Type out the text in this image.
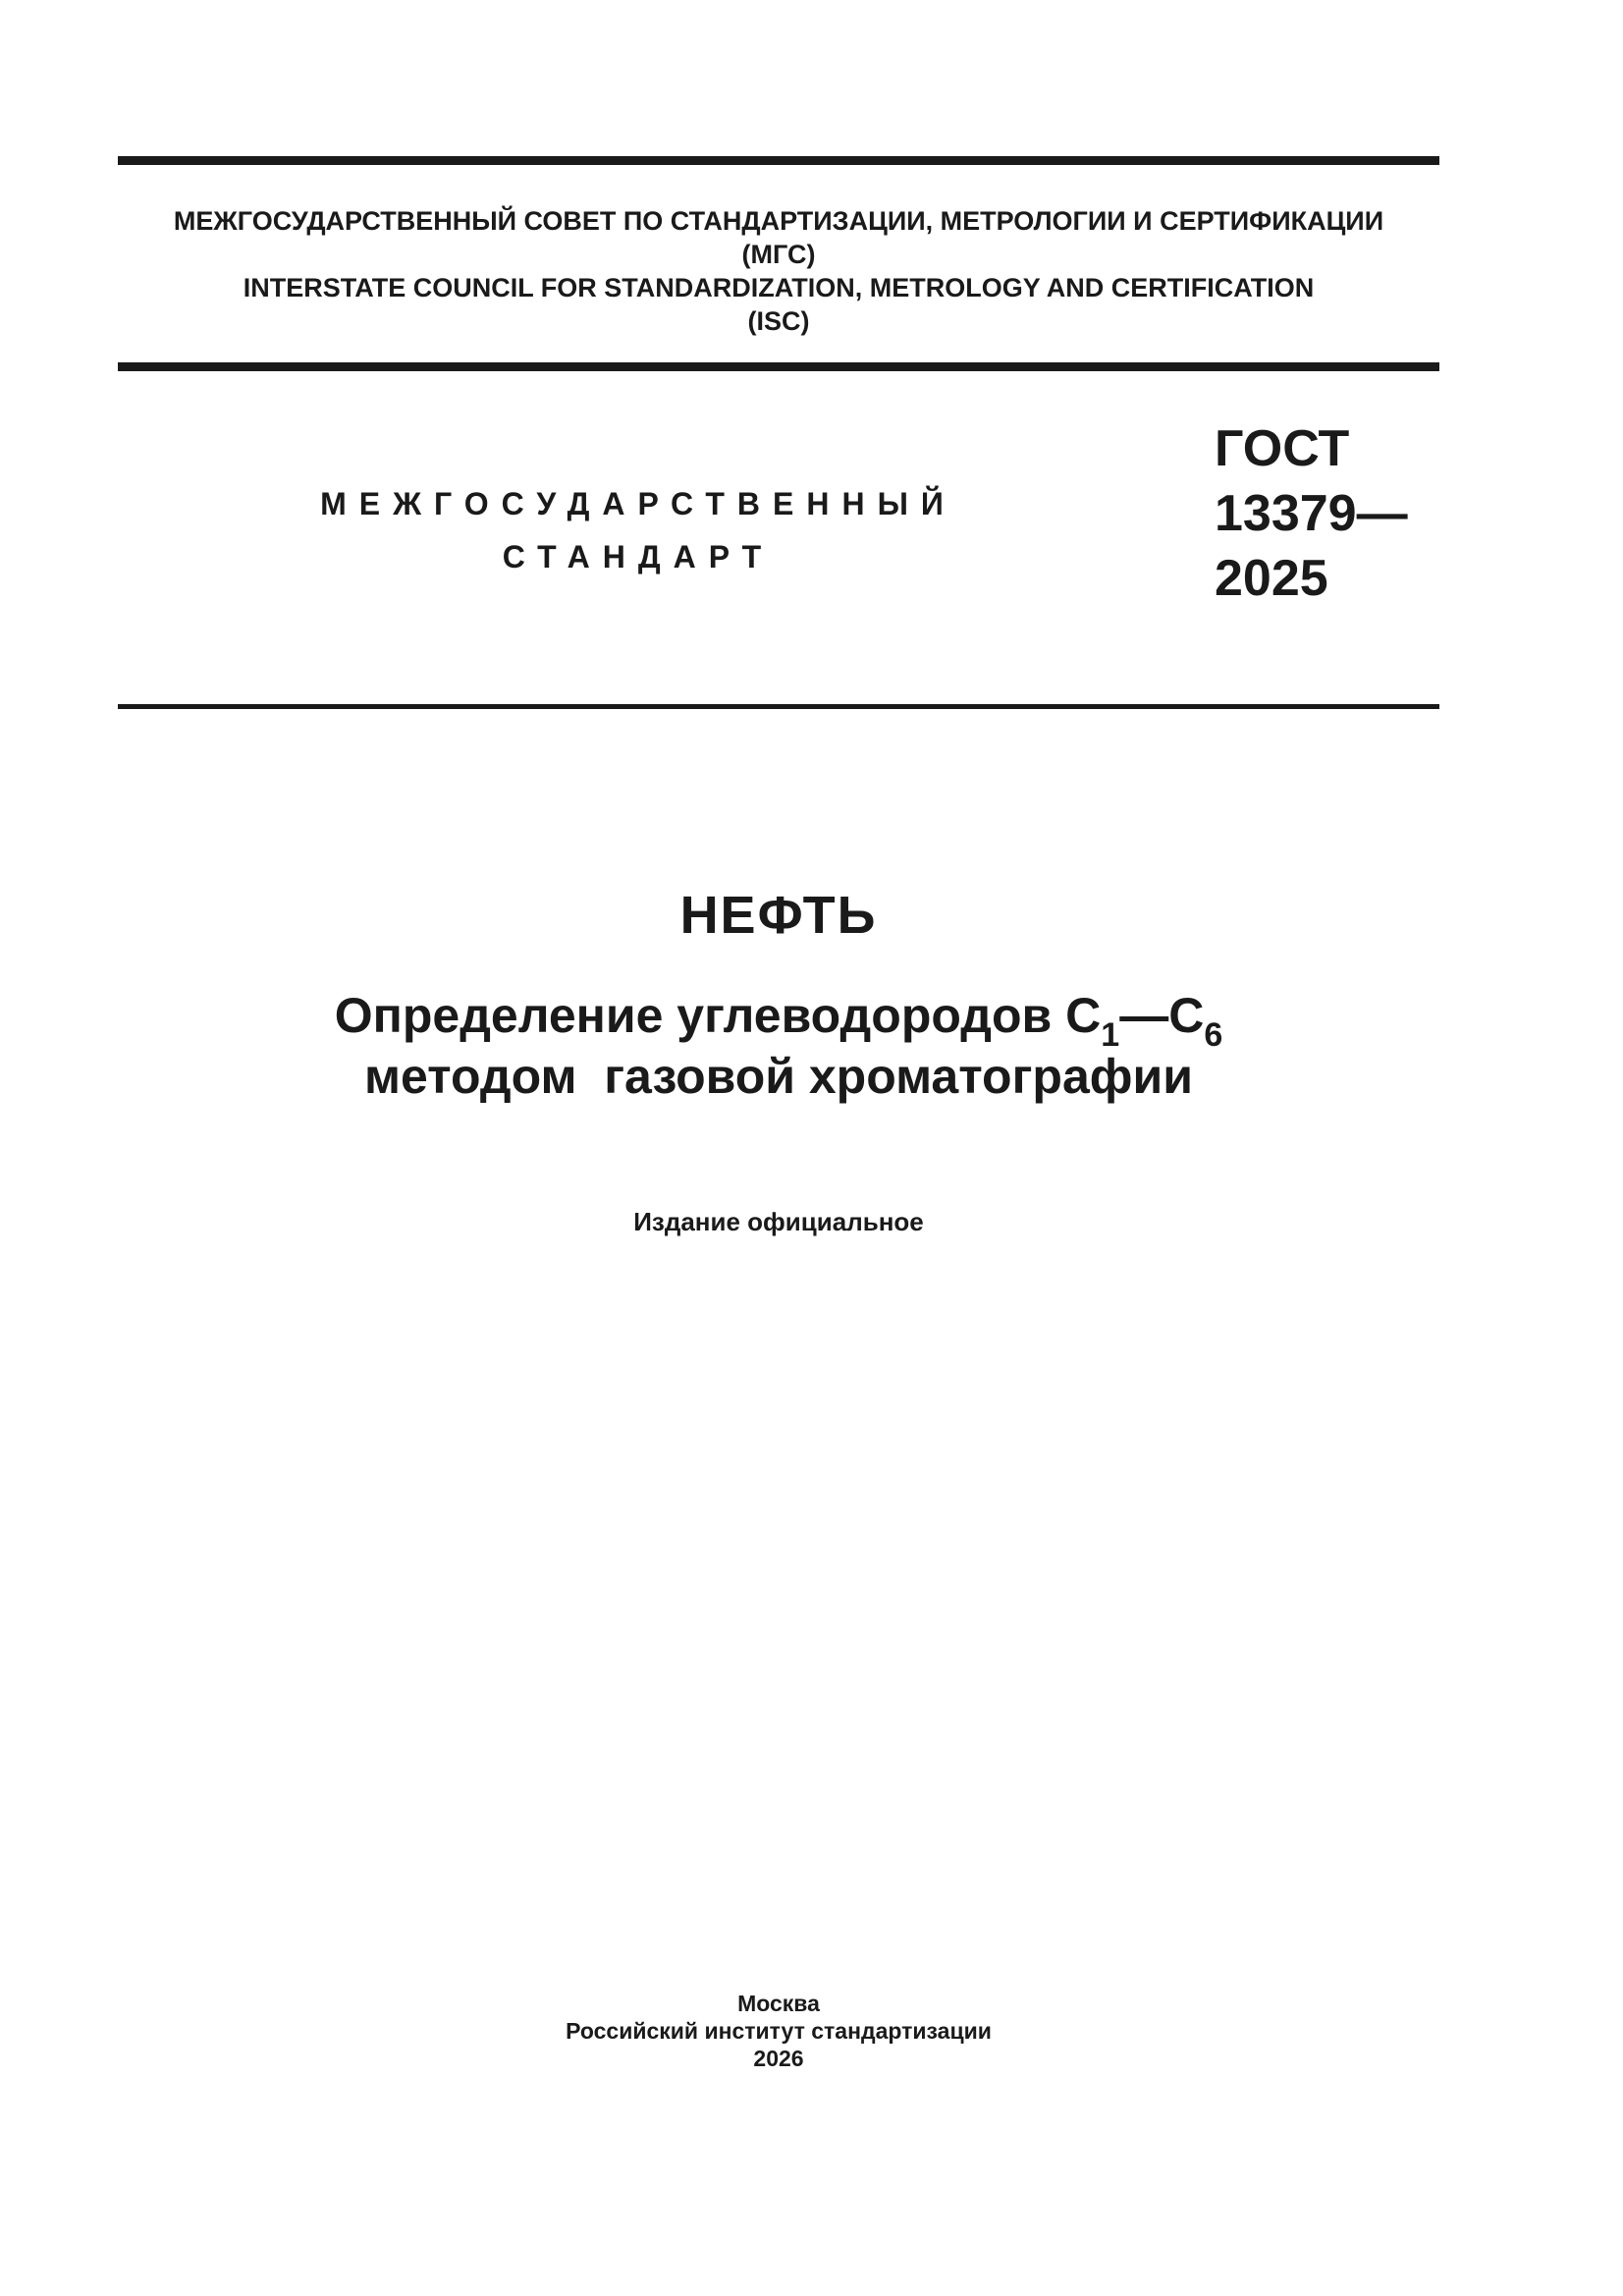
МЕЖГОСУДАРСТВЕННЫЙ СОВЕТ ПО СТАНДАРТИЗАЦИИ, МЕТРОЛОГИИ И СЕРТИФИКАЦИИ
(МГС)
INTERSTATE COUNCIL FOR STANDARDIZATION, METROLOGY AND CERTIFICATION
(ISC)
МЕЖГОСУДАРСТВЕННЫЙ
СТАНДАРТ
ГОСТ
13379—
2025
НЕФТЬ
Определение углеводородов $С_1—С_6$
методом  газовой хроматографии
Издание официальное
Москва
Российский институт стандартизации
2026
